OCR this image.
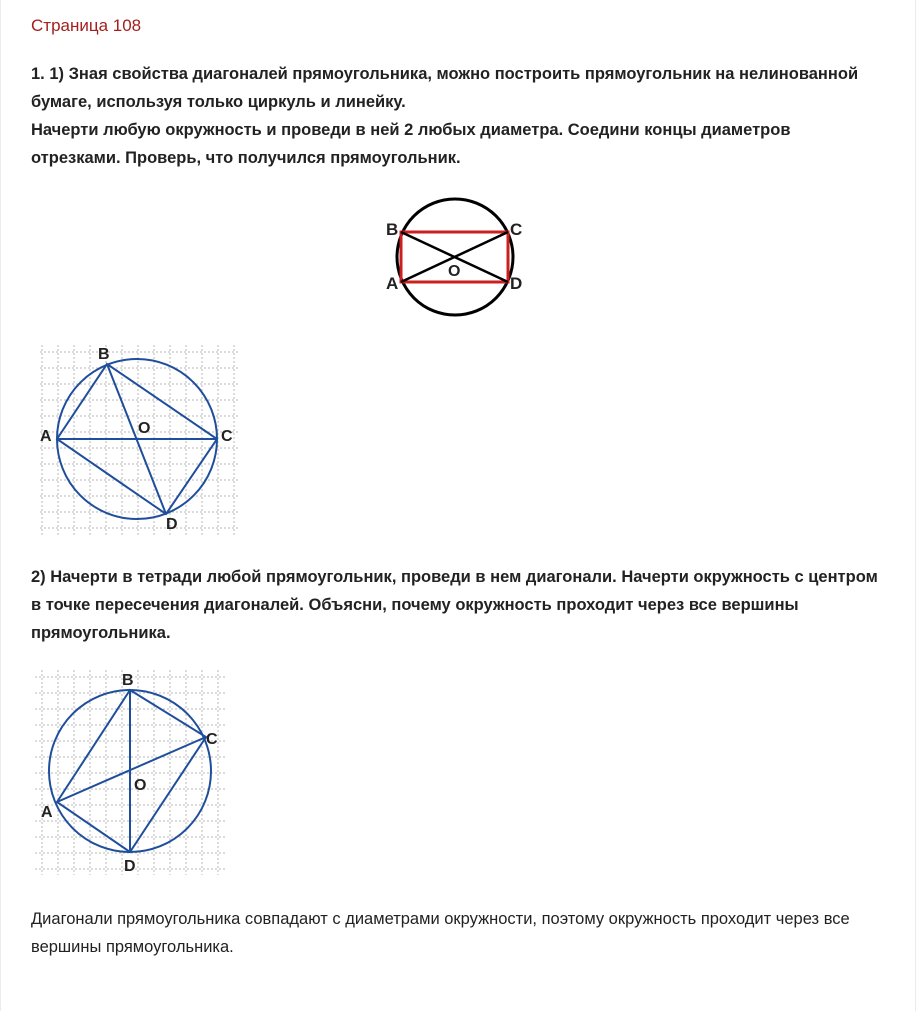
Страница 108

1. 1) Зная свойства диагоналей прямоугольника, можно построить прямоугольник на нелинованной бумаге, используя только циркуль и линейку.

Начерти любую окружность и проведи в ней 2 любых диаметра. Соедини концы диаметров отрезками. Проверь, что получился прямоугольник.

B	C
A	D
O
B
A	C
D
O

2) Начерти в тетради любой прямоугольник, проведи в нем диагонали. Начерти окружность с центром в точке пересечения диагоналей. Объясни, почему окружность проходит через все вершины прямоугольника.

B
C
A
D
O
Диагонали прямоугольника совпадают с диаметрами окружности, поэтому окружность проходит через все вершины прямоугольника.
